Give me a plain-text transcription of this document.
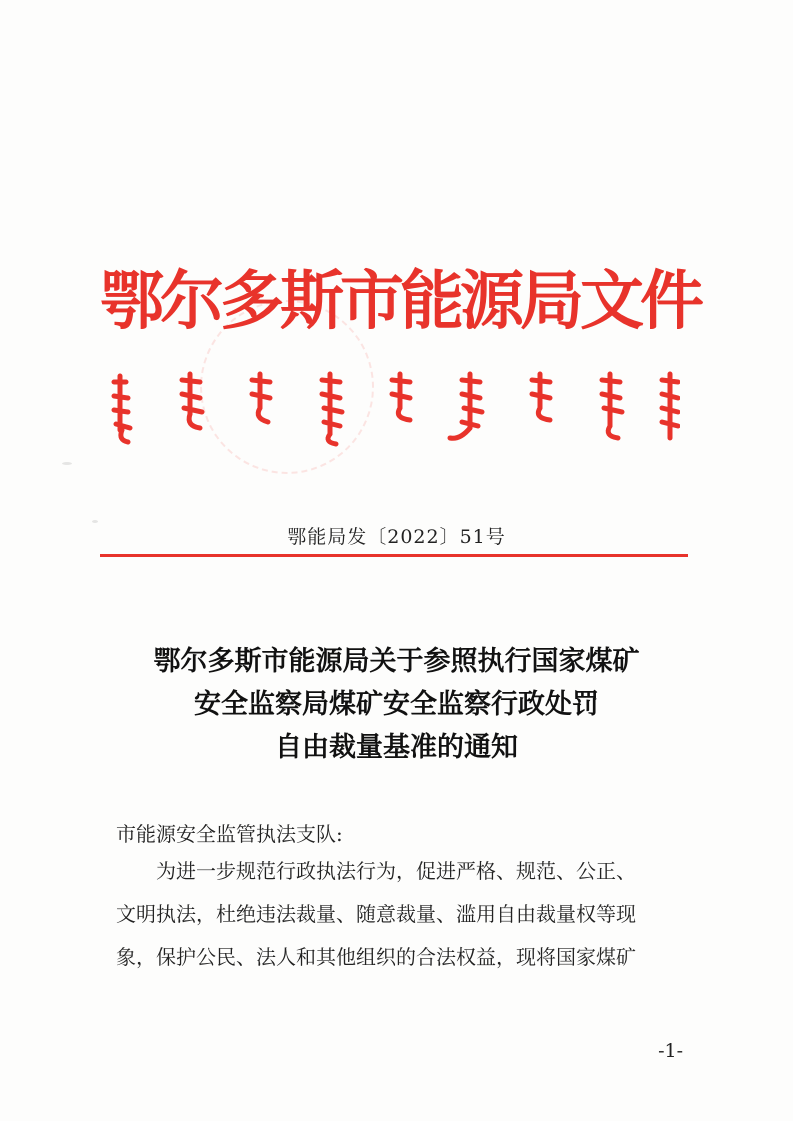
鄂尔多斯市能源局文件
鄂能局发〔2022〕51号
鄂尔多斯市能源局关于参照执行国家煤矿
安全监察局煤矿安全监察行政处罚
自由裁量基准的通知
市能源安全监管执法支队:
为进一步规范行政执法行为，促进严格、规范、公正、
文明执法，杜绝违法裁量、随意裁量、滥用自由裁量权等现
象，保护公民、法人和其他组织的合法权益，现将国家煤矿
-1-
